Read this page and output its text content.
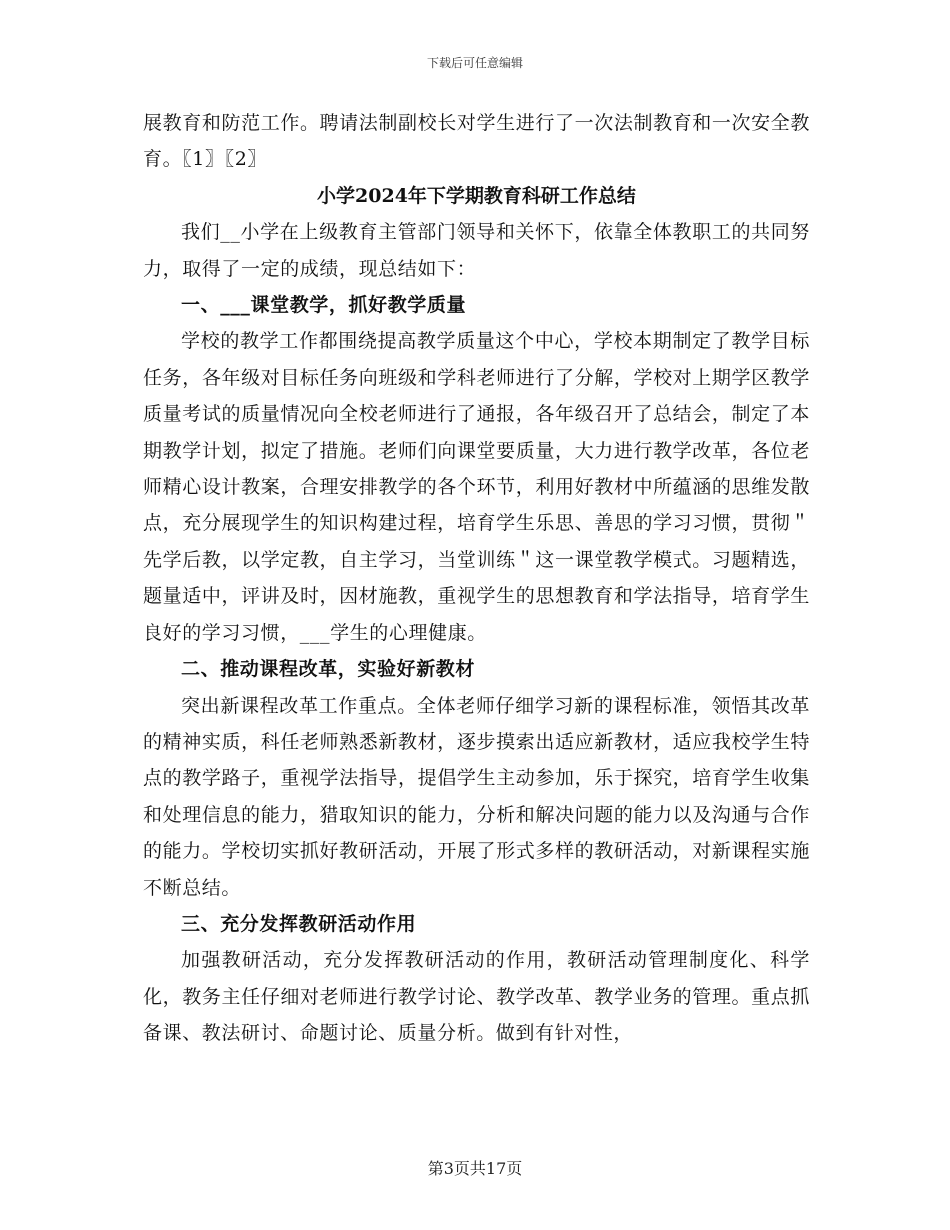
下载后可任意编辑

展教育和防范工作。聘请法制副校长对学生进行了一次法制教育和一次安全教育。〖1〗〖2〗

小学2024年下学期教育科研工作总结

我们__小学在上级教育主管部门领导和关怀下，依靠全体教职工的共同努力，取得了一定的成绩，现总结如下：

一、___课堂教学，抓好教学质量

学校的教学工作都围绕提高教学质量这个中心，学校本期制定了教学目标任务，各年级对目标任务向班级和学科老师进行了分解，学校对上期学区教学质量考试的质量情况向全校老师进行了通报，各年级召开了总结会，制定了本期教学计划，拟定了措施。老师们向课堂要质量，大力进行教学改革，各位老师精心设计教案，合理安排教学的各个环节，利用好教材中所蕴涵的思维发散点，充分展现学生的知识构建过程，培育学生乐思、善思的学习习惯，贯彻＂先学后教，以学定教，自主学习，当堂训练＂这一课堂教学模式。习题精选，题量适中，评讲及时，因材施教，重视学生的思想教育和学法指导，培育学生良好的学习习惯，___学生的心理健康。

二、推动课程改革，实验好新教材

突出新课程改革工作重点。全体老师仔细学习新的课程标准，领悟其改革的精神实质，科任老师熟悉新教材，逐步摸索出适应新教材，适应我校学生特点的教学路子，重视学法指导，提倡学生主动参加，乐于探究，培育学生收集和处理信息的能力，猎取知识的能力，分析和解决问题的能力以及沟通与合作的能力。学校切实抓好教研活动，开展了形式多样的教研活动，对新课程实施不断总结。

三、充分发挥教研活动作用

加强教研活动，充分发挥教研活动的作用，教研活动管理制度化、科学化，教务主任仔细对老师进行教学讨论、教学改革、教学业务的管理。重点抓备课、教法研讨、命题讨论、质量分析。做到有针对性，

第3页共17页
